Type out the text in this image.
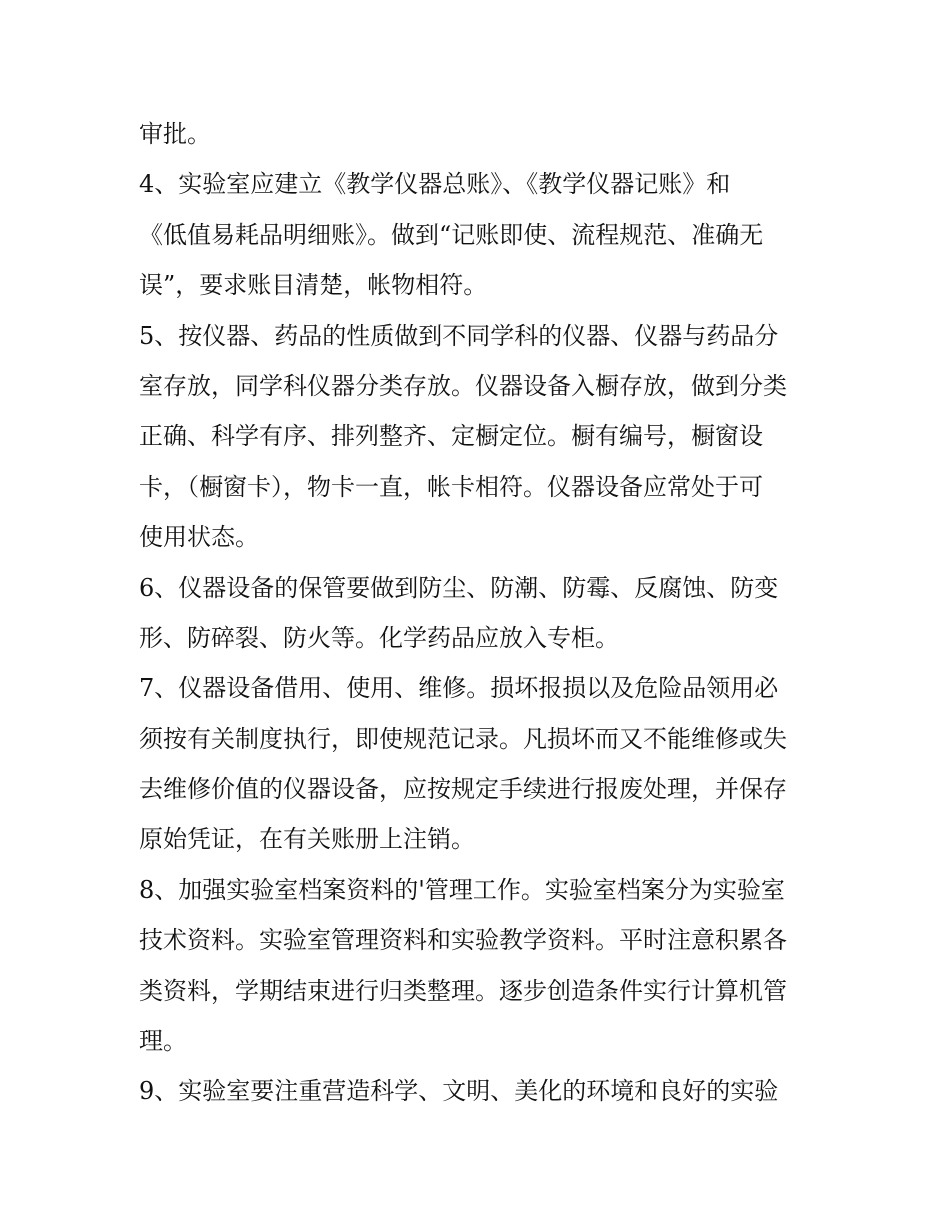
审批。
4、实验室应建立《教学仪器总账》、《教学仪器记账》和
《低值易耗品明细账》。做到“记账即使、流程规范、准确无
误”，要求账目清楚，帐物相符。
5、按仪器、药品的性质做到不同学科的仪器、仪器与药品分
室存放，同学科仪器分类存放。仪器设备入橱存放，做到分类
正确、科学有序、排列整齐、定橱定位。橱有编号，橱窗设
卡，（橱窗卡），物卡一直，帐卡相符。仪器设备应常处于可
使用状态。
6、仪器设备的保管要做到防尘、防潮、防霉、反腐蚀、防变
形、防碎裂、防火等。化学药品应放入专柜。
7、仪器设备借用、使用、维修。损坏报损以及危险品领用必
须按有关制度执行，即使规范记录。凡损坏而又不能维修或失
去维修价值的仪器设备，应按规定手续进行报废处理，并保存
原始凭证，在有关账册上注销。
8、加强实验室档案资料的'管理工作。实验室档案分为实验室
技术资料。实验室管理资料和实验教学资料。平时注意积累各
类资料，学期结束进行归类整理。逐步创造条件实行计算机管
理。
9、实验室要注重营造科学、文明、美化的环境和良好的实验
